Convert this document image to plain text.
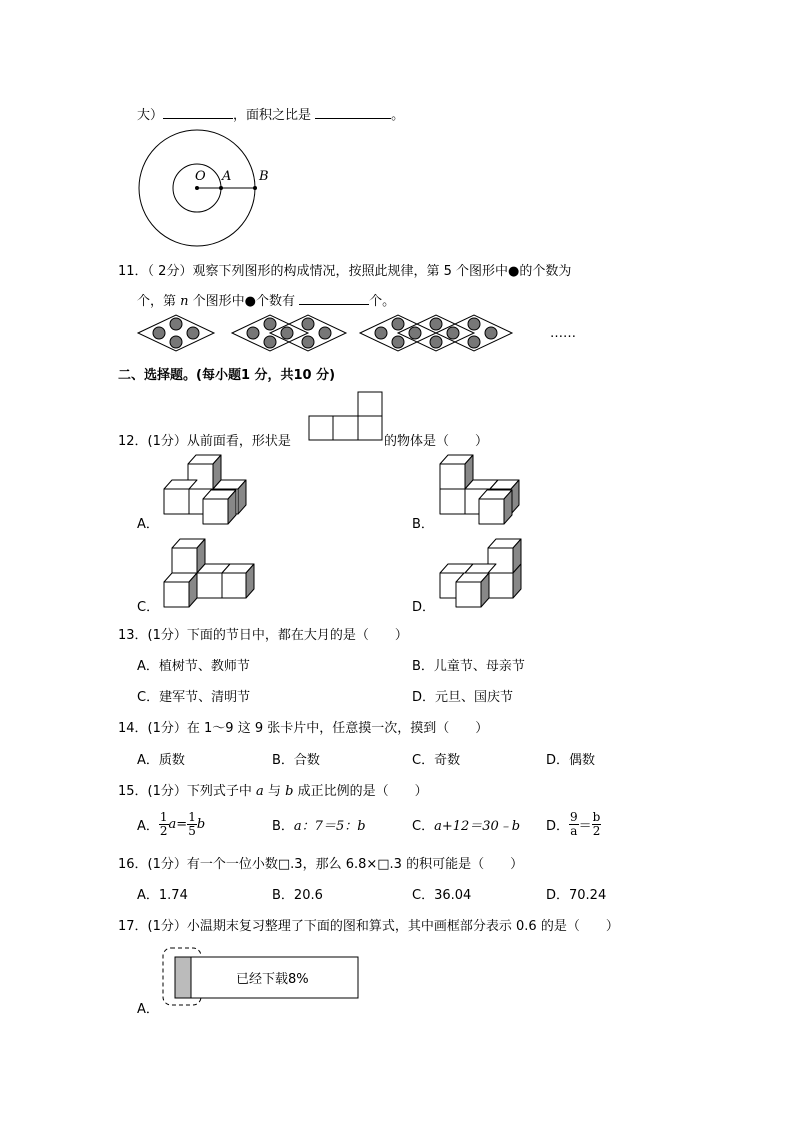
大）	，面积之比是	。
O A B
11．（ 2分）观察下列图形的构成情况，按照此规律，第 5 个图形中●的个数为
个，第 n 个图形中●个数有	个。
……
二、选择题。(每小题1 分，共10 分)
12．(1分）从前面看，形状是	的物体是（　　）
A．	B．
C．	D．
13．(1分）下面的节日中，都在大月的是（　　）
A．植树节、教师节	B．儿童节、母亲节
C．建军节、清明节	D．元旦、国庆节
14．(1分）在 1～9 这 9 张卡片中，任意摸一次，摸到（　　）
A．质数	B．合数	C．奇数	D．偶数
15．(1分）下列式子中 a 与 b 成正比例的是（　　）
A． $\frac{1}{2} a= \frac{1}{5}$ b	B．a：7＝5：b	C．a+12＝30﹣b D． $\frac{9}{a} = \frac{b}{2}$
16．(1分）有一个一位小数□.3，那么 6.8×□.3 的积可能是（　　）
A．1.74	B．20.6	C．36.04	D．70.24
17．(1分）小温期末复习整理了下面的图和算式，其中画框部分表示 0.6 的是（　　）
已经下载8%
A．
